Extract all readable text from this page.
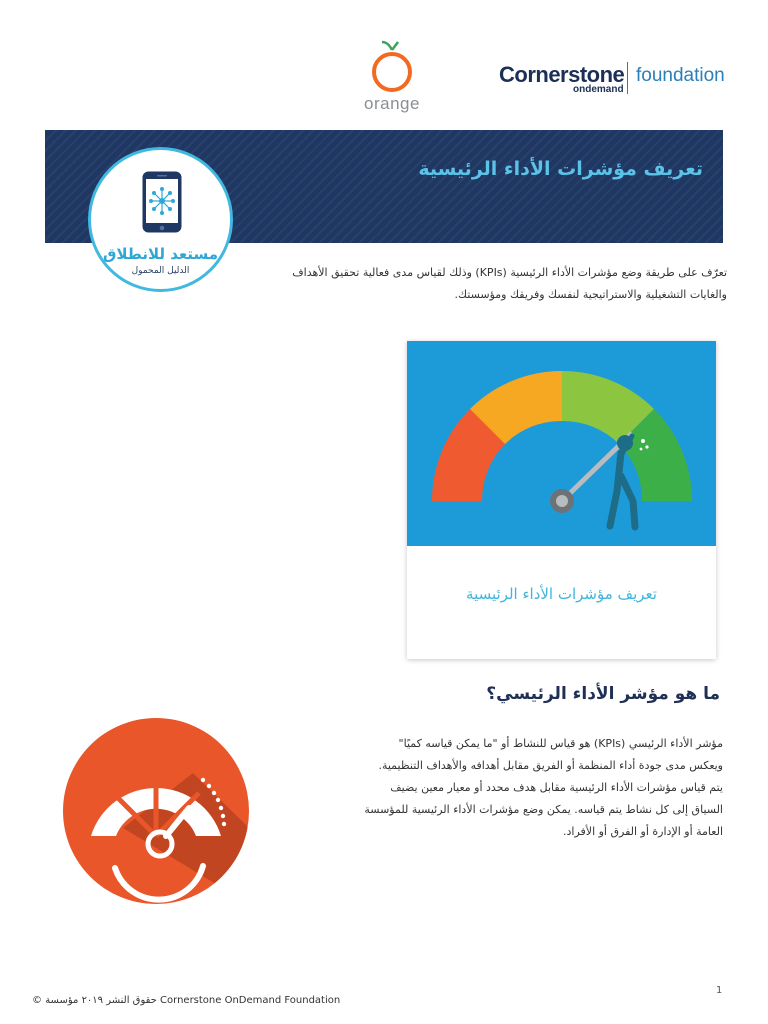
orange
Cornerstone
ondemand
foundation
تعريف مؤشرات الأداء الرئيسية
مستعد للانطلاق
الدليل المحمول	تعرّف على طريقة وضع مؤشرات الأداء الرئيسية (KPIs) وذلك لقياس مدى فعالية تحقيق الأهداف
والغايات التشغيلية والاستراتيجية لنفسك وفريقك ومؤسستك.
تعريف مؤشرات الأداء الرئيسية
ما هو مؤشر الأداء الرئيسي؟
مؤشر الأداء الرئيسي (KPIs) هو قياس للنشاط أو "ما يمكن قياسه كميًا"
ويعكس مدى جودة أداء المنظمة أو الفريق مقابل أهدافه والأهداف التنظيمية.
يتم قياس مؤشرات الأداء الرئيسية مقابل هدف محدد أو معيار معين يضيف
السياق إلى كل نشاط يتم قياسه. يمكن وضع مؤشرات الأداء الرئيسية للمؤسسة
العامة أو الإدارة أو الفرق أو الأفراد.
1
© حقوق النشر ٢٠١٩ مؤسسة Cornerstone OnDemand Foundation
